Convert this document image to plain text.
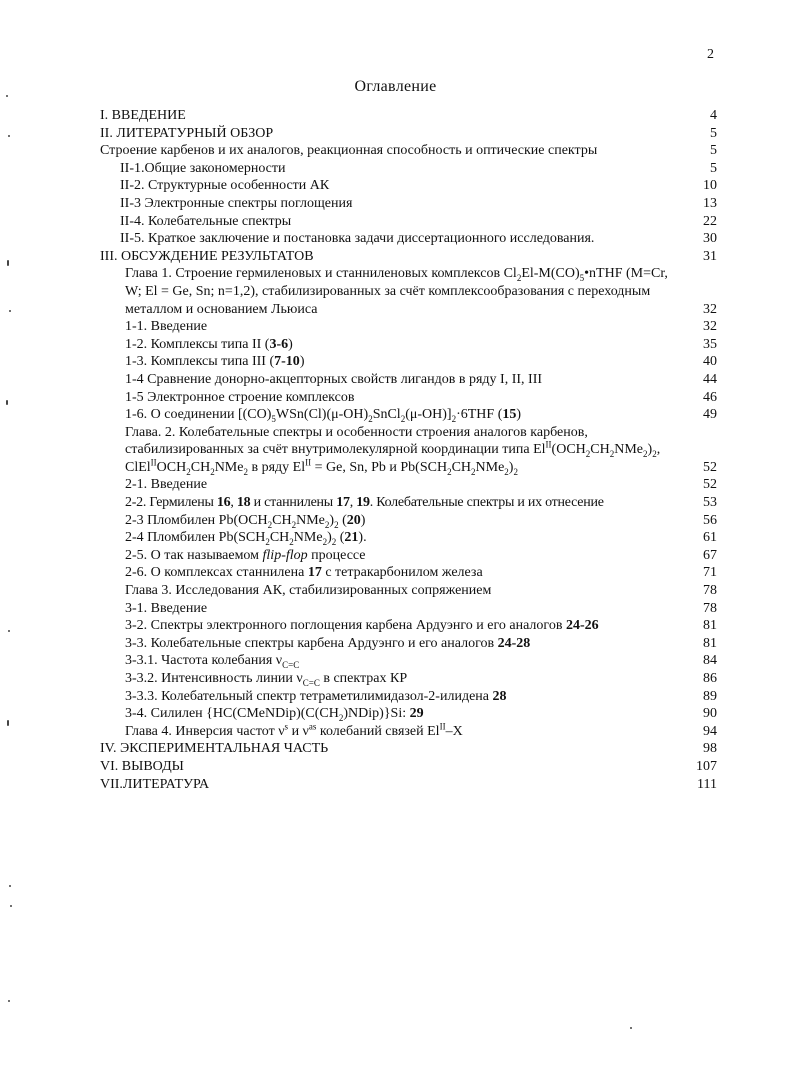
2
Оглавление
I. ВВЕДЕНИЕ	4
II. ЛИТЕРАТУРНЫЙ ОБЗОР	5
Строение карбенов и их аналогов, реакционная способность и оптические спектры	5
II-1.Общие закономерности	5
II-2. Структурные особенности АК	10
II-3 Электронные спектры поглощения	13
II-4. Колебательные спектры	22
II-5. Краткое заключение и постановка задачи диссертационного исследования.	30
III. ОБСУЖДЕНИЕ РЕЗУЛЬТАТОВ	31
Глава 1. Строение гермиленовых и станниленовых комплексов $Cl_2El-M(CO)_5•nTHF$ (M=Cr, W; El = Ge, Sn; n=1,2), стабилизированных за счёт комплексообразования с переходным металлом и основанием Льюиса	32
1-1. Введение	32
1-2. Комплексы типа II (3-6)	35
1-3. Комплексы типа III (7-10)	40
1-4 Сравнение донорно-акцепторных свойств лигандов в ряду I, II, III	44
1-5 Электронное строение комплексов	46
1-6. О соединении $[(CO)_5WSn(Cl)(\mu-OH)_2SnCl_2(\mu-OH)]_2\cdot 6THF$ (15)	49
Глава. 2. Колебательные спектры и особенности строения аналогов карбенов, стабилизированных за счёт внутримолекулярной координации типа $El^{II}(OCH_2CH_2NMe_2)_2$, $ClEl^{II}OCH_2CH_2NMe_2$ в ряду $El^{II} = Ge$, Sn, Pb и $Pb(SCH_2CH_2NMe_2)_2$	52
2-1. Введение	52
2-2. Гермилены 16, 18 и станнилены 17, 19. Колебательные спектры и их отнесение	53
2-3 Пломбилен $Pb(OCH_2CH_2NMe_2)_2$ (20)	56
2-4 Пломбилен $Pb(SCH_2CH_2NMe_2)_2$ (21).	61
2-5. О так называемом flip-flop процессе	67
2-6. О комплексах станнилена 17 с тетракарбонилом железа	71
Глава 3. Исследования АК, стабилизированных сопряжением	78
3-1. Введение	78
3-2. Спектры электронного поглощения карбена Ардуэнго и его аналогов 24-26	81
3-3. Колебательные спектры карбена Ардуэнго и его аналогов 24-28	81
3-3.1. Частота колебания $\nu_{C=C}$	84
3-3.2. Интенсивность линии $\nu_{C=C}$ в спектрах КР	86
3-3.3. Колебательный спектр тетраметилимидазол-2-илидена 28	89
3-4. Силилен $\{HC(CMeNDip)(C(CH_2)NDip)\}Si$: 29	90
Глава 4. Инверсия частот $\nu^s$ и $\nu^{as}$ колебаний связей $El^{II}-X$	94
IV. ЭКСПЕРИМЕНТАЛЬНАЯ ЧАСТЬ	98
VI. ВЫВОДЫ	107
VII.ЛИТЕРАТУРА	111
